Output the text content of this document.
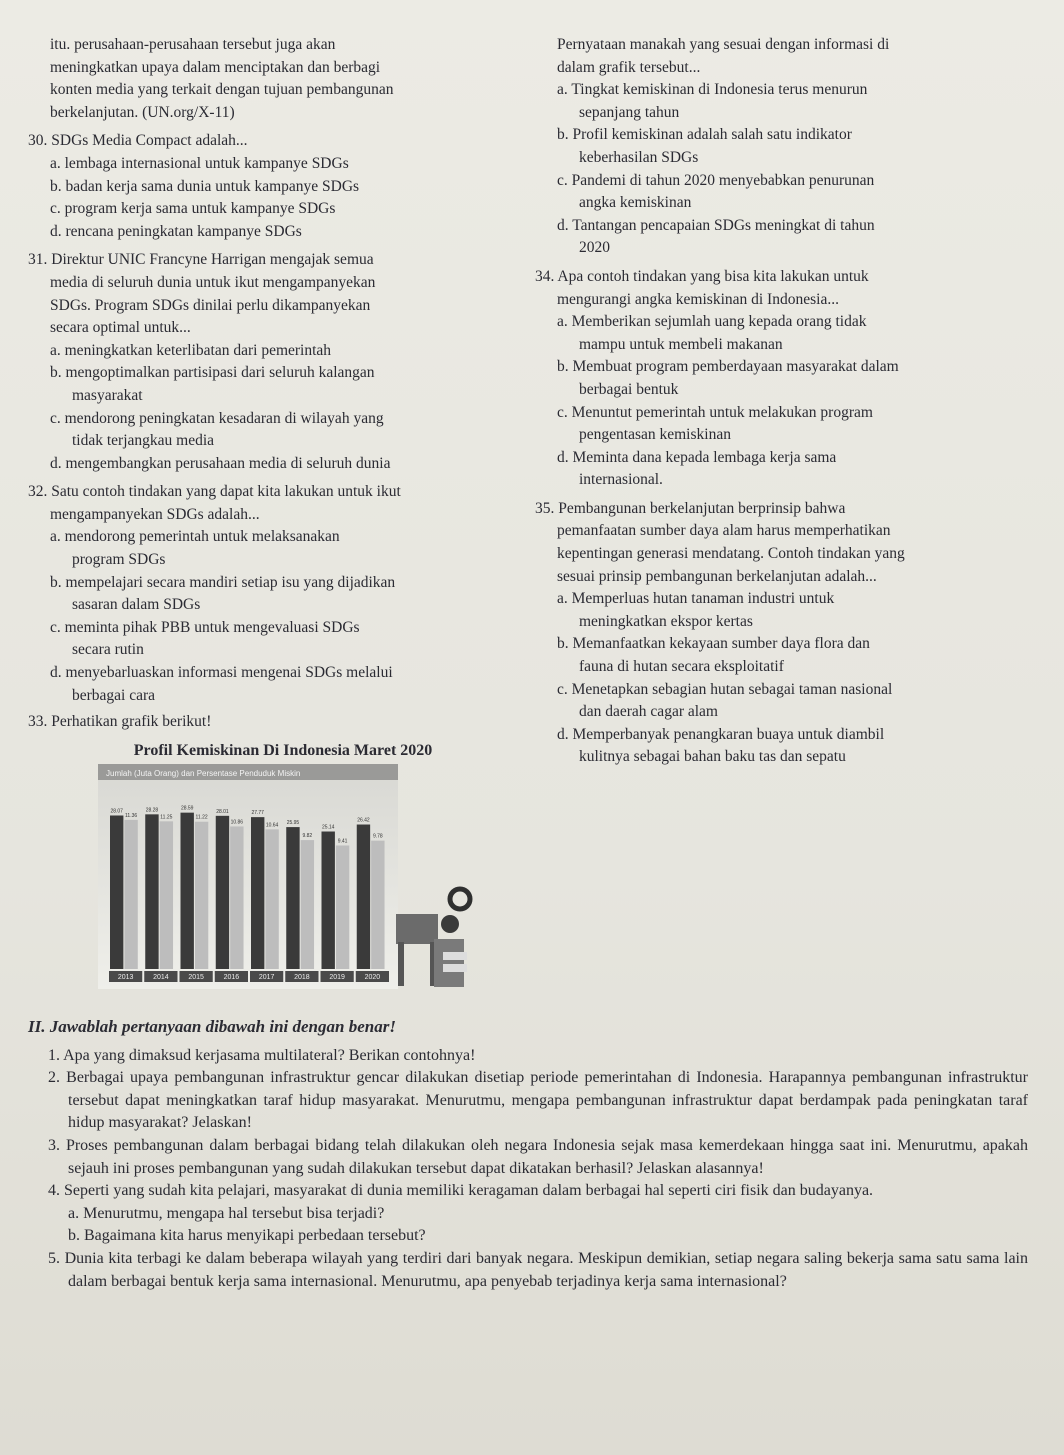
itu. perusahaan-perusahaan tersebut juga akan

meningkatkan upaya dalam menciptakan dan berbagi

konten media yang terkait dengan tujuan pembangunan

berkelanjutan. (UN.org/X-11)

30. SDGs Media Compact adalah...

a. lembaga internasional untuk kampanye SDGs

b. badan kerja sama dunia untuk kampanye SDGs

c. program kerja sama untuk kampanye SDGs

d. rencana peningkatan kampanye SDGs

31. Direktur UNIC Francyne Harrigan mengajak semua

media di seluruh dunia untuk ikut mengampanyekan

SDGs. Program SDGs dinilai perlu dikampanyekan

secara optimal untuk...

a. meningkatkan keterlibatan dari pemerintah

b. mengoptimalkan partisipasi dari seluruh kalangan

masyarakat

c. mendorong peningkatan kesadaran di wilayah yang

tidak terjangkau media

d. mengembangkan perusahaan media di seluruh dunia

32. Satu contoh tindakan yang dapat kita lakukan untuk ikut

mengampanyekan SDGs adalah...

a. mendorong pemerintah untuk melaksanakan

program SDGs

b. mempelajari secara mandiri setiap isu yang dijadikan

sasaran dalam SDGs

c. meminta pihak PBB untuk mengevaluasi SDGs

secara rutin

d. menyebarluaskan informasi mengenai SDGs melalui

berbagai cara

33. Perhatikan grafik berikut!

Profil Kemiskinan Di Indonesia Maret 2020
Jumlah (Juta Orang) dan Persentase Penduduk Miskin
28.07
11.36
28.28
11.25
28.59
11.22
28.01
10.86
27.77
10.64 25.95
9.82
25.14
9.41
26.42
9.78
2013	2014	2015	2016	2017	2018	2019	2020

Pernyataan manakah yang sesuai dengan informasi di

dalam grafik tersebut...

a. Tingkat kemiskinan di Indonesia terus menurun

sepanjang tahun

b. Profil kemiskinan adalah salah satu indikator

keberhasilan SDGs

c. Pandemi di tahun 2020 menyebabkan penurunan

angka kemiskinan

d. Tantangan pencapaian SDGs meningkat di tahun

2020

34. Apa contoh tindakan yang bisa kita lakukan untuk

mengurangi angka kemiskinan di Indonesia...

a. Memberikan sejumlah uang kepada orang tidak

mampu untuk membeli makanan

b. Membuat program pemberdayaan masyarakat dalam

berbagai bentuk

c. Menuntut pemerintah untuk melakukan program

pengentasan kemiskinan

d. Meminta dana kepada lembaga kerja sama

internasional.

35. Pembangunan berkelanjutan berprinsip bahwa

pemanfaatan sumber daya alam harus memperhatikan

kepentingan generasi mendatang. Contoh tindakan yang

sesuai prinsip pembangunan berkelanjutan adalah...

a. Memperluas hutan tanaman industri untuk

meningkatkan ekspor kertas

b. Memanfaatkan kekayaan sumber daya flora dan

fauna di hutan secara eksploitatif

c. Menetapkan sebagian hutan sebagai taman nasional

dan daerah cagar alam

d. Memperbanyak penangkaran buaya untuk diambil

kulitnya sebagai bahan baku tas dan sepatu

II. Jawablah pertanyaan dibawah ini dengan benar!

1. Apa yang dimaksud kerjasama multilateral? Berikan contohnya!

2. Berbagai upaya pembangunan infrastruktur gencar dilakukan disetiap periode pemerintahan di Indonesia. Harapannya pembangunan infrastruktur tersebut dapat meningkatkan taraf hidup masyarakat. Menurutmu, mengapa pembangunan infrastruktur dapat berdampak pada peningkatan taraf hidup masyarakat? Jelaskan!

3. Proses pembangunan dalam berbagai bidang telah dilakukan oleh negara Indonesia sejak masa kemerdekaan hingga saat ini. Menurutmu, apakah sejauh ini proses pembangunan yang sudah dilakukan tersebut dapat dikatakan berhasil? Jelaskan alasannya!

4. Seperti yang sudah kita pelajari, masyarakat di dunia memiliki keragaman dalam berbagai hal seperti ciri fisik dan budayanya.

a. Menurutmu, mengapa hal tersebut bisa terjadi?

b. Bagaimana kita harus menyikapi perbedaan tersebut?

5. Dunia kita terbagi ke dalam beberapa wilayah yang terdiri dari banyak negara. Meskipun demikian, setiap negara saling bekerja sama satu sama lain dalam berbagai bentuk kerja sama internasional. Menurutmu, apa penyebab terjadinya kerja sama internasional?
